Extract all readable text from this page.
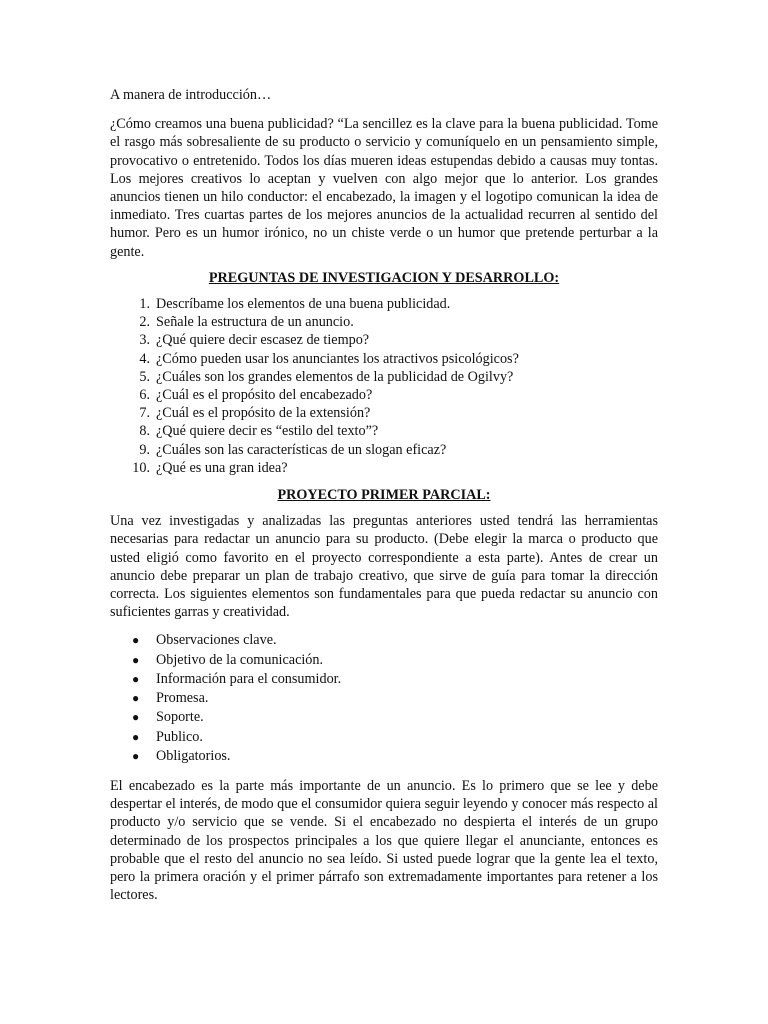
A manera de introducción…

¿Cómo creamos una buena publicidad? “La sencillez es la clave para la buena publicidad. Tome el rasgo más sobresaliente de su producto o servicio y comuníquelo en un pensamiento simple, provocativo o entretenido. Todos los días mueren ideas estupendas debido a causas muy tontas. Los mejores creativos lo aceptan y vuelven con algo mejor que lo anterior. Los grandes anuncios tienen un hilo conductor: el encabezado, la imagen y el logotipo comunican la idea de inmediato. Tres cuartas partes de los mejores anuncios de la actualidad recurren al sentido del humor. Pero es un humor irónico, no un chiste verde o un humor que pretende perturbar a la gente.

PREGUNTAS DE INVESTIGACION Y DESARROLLO:
1. Descríbame los elementos de una buena publicidad.
2. Señale la estructura de un anuncio.
3. ¿Qué quiere decir escasez de tiempo?
4. ¿Cómo pueden usar los anunciantes los atractivos psicológicos?
5. ¿Cuáles son los grandes elementos de la publicidad de Ogilvy?
6. ¿Cuál es el propósito del encabezado?
7. ¿Cuál es el propósito de la extensión?
8. ¿Qué quiere decir es “estilo del texto”?
9. ¿Cuáles son las características de un slogan eficaz?
10. ¿Qué es una gran idea?
PROYECTO PRIMER PARCIAL:

Una vez investigadas y analizadas las preguntas anteriores usted tendrá las herramientas necesarias para redactar un anuncio para su producto. (Debe elegir la marca o producto que usted eligió como favorito en el proyecto correspondiente a esta parte). Antes de crear un anuncio debe preparar un plan de trabajo creativo, que sirve de guía para tomar la dirección correcta. Los siguientes elementos son fundamentales para que pueda redactar su anuncio con suficientes garras y creatividad.

● Observaciones clave.
● Objetivo de la comunicación.
● Información para el consumidor.
● Promesa.
● Soporte.
● Publico.
● Obligatorios.

El encabezado es la parte más importante de un anuncio. Es lo primero que se lee y debe despertar el interés, de modo que el consumidor quiera seguir leyendo y conocer más respecto al producto y/o servicio que se vende. Si el encabezado no despierta el interés de un grupo determinado de los prospectos principales a los que quiere llegar el anunciante, entonces es probable que el resto del anuncio no sea leído. Si usted puede lograr que la gente lea el texto, pero la primera oración y el primer párrafo son extremadamente importantes para retener a los lectores.
